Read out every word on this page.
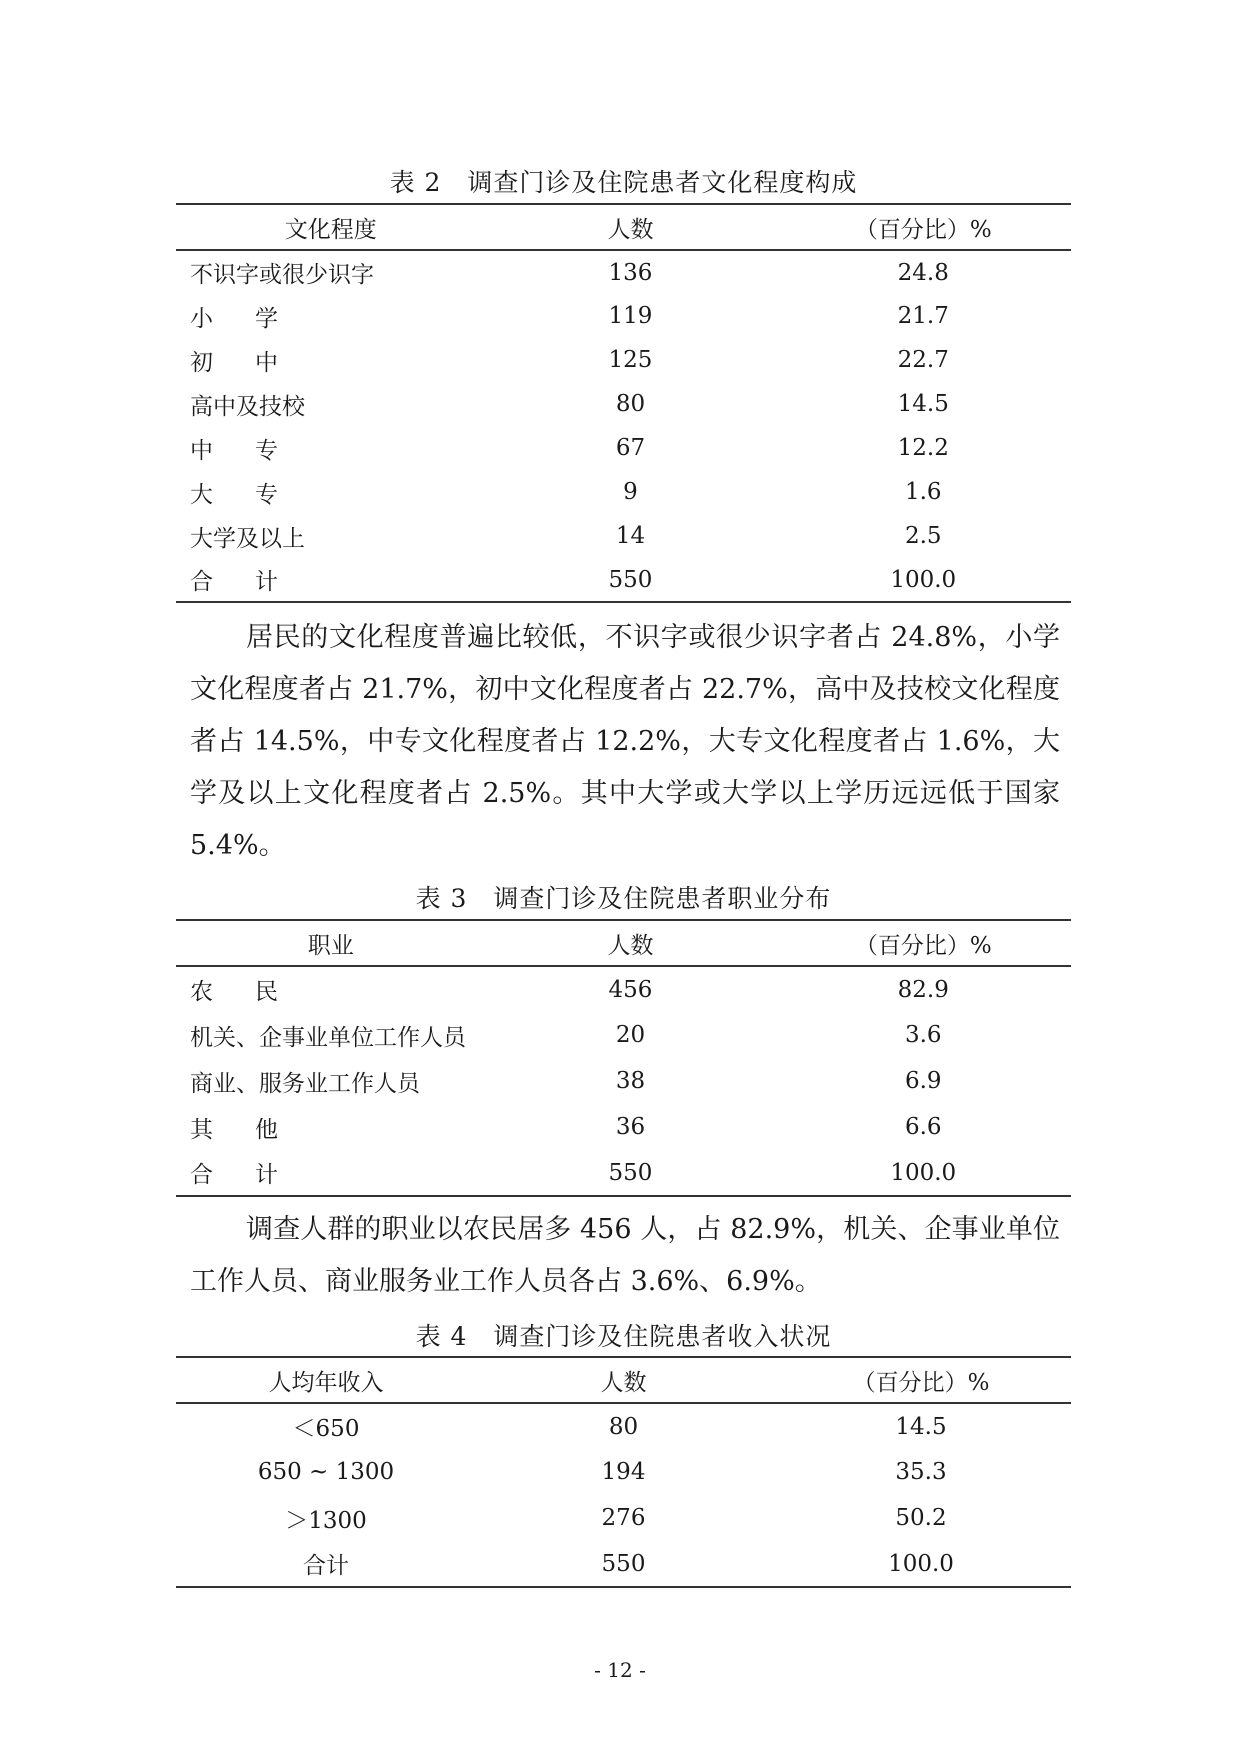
表 2　调查门诊及住院患者文化程度构成
文化程度	人数	（百分比）%
不识字或很少识字	136	24.8
小学	119	21.7
初中	125	22.7
高中及技校	80	14.5
中专	67	12.2
大专	9	1.6
大学及以上	14	2.5
合计	550	100.0
居民的文化程度普遍比较低，不识字或很少识字者占 24.8%，小学文化程度者占 21.7%，初中文化程度者占 22.7%，高中及技校文化程度者占 14.5%，中专文化程度者占 12.2%，大专文化程度者占 1.6%，大学及以上文化程度者占 2.5%。其中大学或大学以上学历远远低于国家 5.4%。
表 3　调查门诊及住院患者职业分布
职业	人数	（百分比）%
农民	456	82.9
机关、企事业单位工作人员	20	3.6
商业、服务业工作人员	38	6.9
其他	36	6.6
合计	550	100.0
调查人群的职业以农民居多 456 人，占 82.9%，机关、企事业单位工作人员、商业服务业工作人员各占 3.6%、6.9%。
表 4　调查门诊及住院患者收入状况
人均年收入	人数	（百分比）%
＜650	80	14.5
650 ~ 1300	194	35.3
＞1300	276	50.2
合计	550	100.0
- 12 -
